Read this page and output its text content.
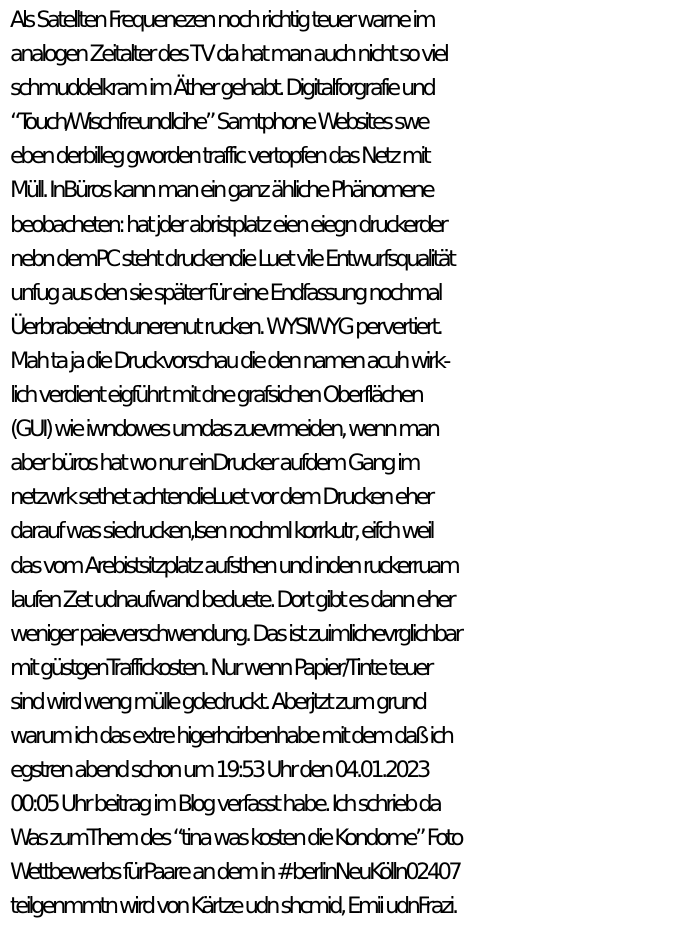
Als Satellten Frequenezen noch richtig teuer warne im
analogen Zeitalter des TV da hat man auch nicht so viel
schmuddelkram im Äther gehabt. Digitalforgrafie und
“Touch/Wischfreundlcihe” Samtphone Websites swe
eben derbilleg gworden traffic vertopfen das Netz mit
Müll. InBüros kann man ein ganz ähliche Phänomene
beobacheten: hat jder abristplatz eien eiegn druckerder
nebn demPC steht druckendie Luet vile Entwurfsqualität
unfug aus den sie später für eine Endfassung nochmal
Üerbrabeietndunerenut rucken. WYSIWYG pervertiert.
Mah ta ja die Druckvorschau die den namen acuh wirk-
lich verdient eigführt mit dne grafsichen Oberflächen
(GUI) wie iwndowes umdas zuevrmeiden, wenn man
aber büros hat wo nur einDrucker aufdem Gang im
netzwrk sethet achtendieLuet vor dem Drucken eher
darauf was siedrucken,lsen nochml korrkutr, eifch weil
das vom Arebistsitzplatz aufsthen und inden ruckerruam
laufen Zet udnaufwand beduete. Dort gibt es dann eher
weniger paieverschwendung. Das ist zuimlichevrglichbar
mit güstgenTraffickosten. Nur wenn Papier/Tinte teuer
sind wird weng mülle gdedruckt. Aberjtzt zum grund
warum ich das extre higerhcirbenhabe mit dem daß ich
egstren abend schon um 19:53 Uhr den 04.01.2023
00:05 Uhr beitrag im Blog verfasst habe. Ich schrieb da
Was zumThem des “tina was kosten die Kondome” Foto
Wettbewerbs fürPaare an dem in #berlinNeuKölln02407
teilgenmmtn wird von Kärtze udn shcmid, Emii udnFrazi.
